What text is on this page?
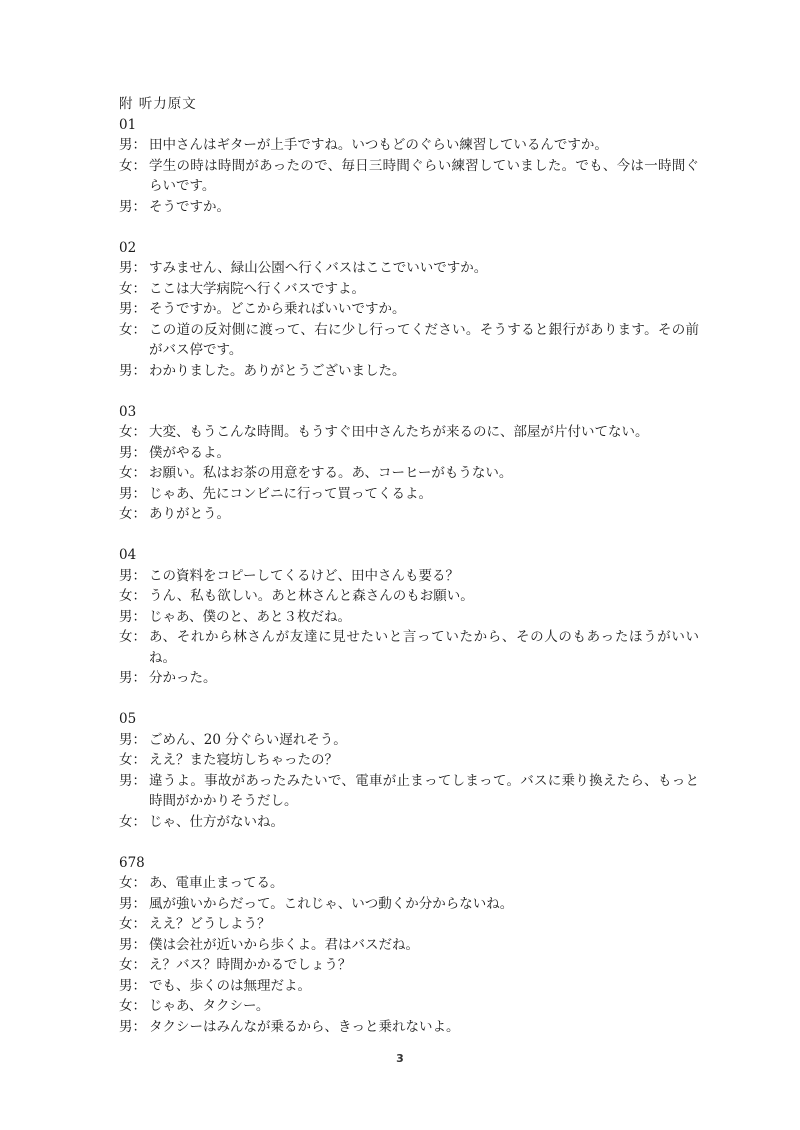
附 听力原文
01
男： 田中さんはギターが上手ですね。いつもどのぐらい練習しているんですか。
女： 学生の時は時間があったので、毎日三時間ぐらい練習していました。でも、今は一時間ぐらいです。
男： そうですか。
02
男： すみません、緑山公園へ行くバスはここでいいですか。
女： ここは大学病院へ行くバスですよ。
男： そうですか。どこから乗ればいいですか。
女： この道の反対側に渡って、右に少し行ってください。そうすると銀行があります。その前がバス停です。
男： わかりました。ありがとうございました。
03
女： 大変、もうこんな時間。もうすぐ田中さんたちが来るのに、部屋が片付いてない。
男： 僕がやるよ。
女： お願い。私はお茶の用意をする。あ、コーヒーがもうない。
男： じゃあ、先にコンビニに行って買ってくるよ。
女： ありがとう。
04
男： この資料をコピーしてくるけど、田中さんも要る？
女： うん、私も欲しい。あと林さんと森さんのもお願い。
男： じゃあ、僕のと、あと３枚だね。
女： あ、それから林さんが友達に見せたいと言っていたから、その人のもあったほうがいいね。
男： 分かった。
05
男： ごめん、20 分ぐらい遅れそう。
女： ええ？また寝坊しちゃったの？
男： 違うよ。事故があったみたいで、電車が止まってしまって。バスに乗り換えたら、もっと時間がかかりそうだし。
女： じゃ、仕方がないね。
678
女： あ、電車止まってる。
男： 風が強いからだって。これじゃ、いつ動くか分からないね。
女： ええ？どうしよう？
男： 僕は会社が近いから歩くよ。君はバスだね。
女： え？バス？時間かかるでしょう？
男： でも、歩くのは無理だよ。
女： じゃあ、タクシー。
男： タクシーはみんなが乗るから、きっと乗れないよ。
3
